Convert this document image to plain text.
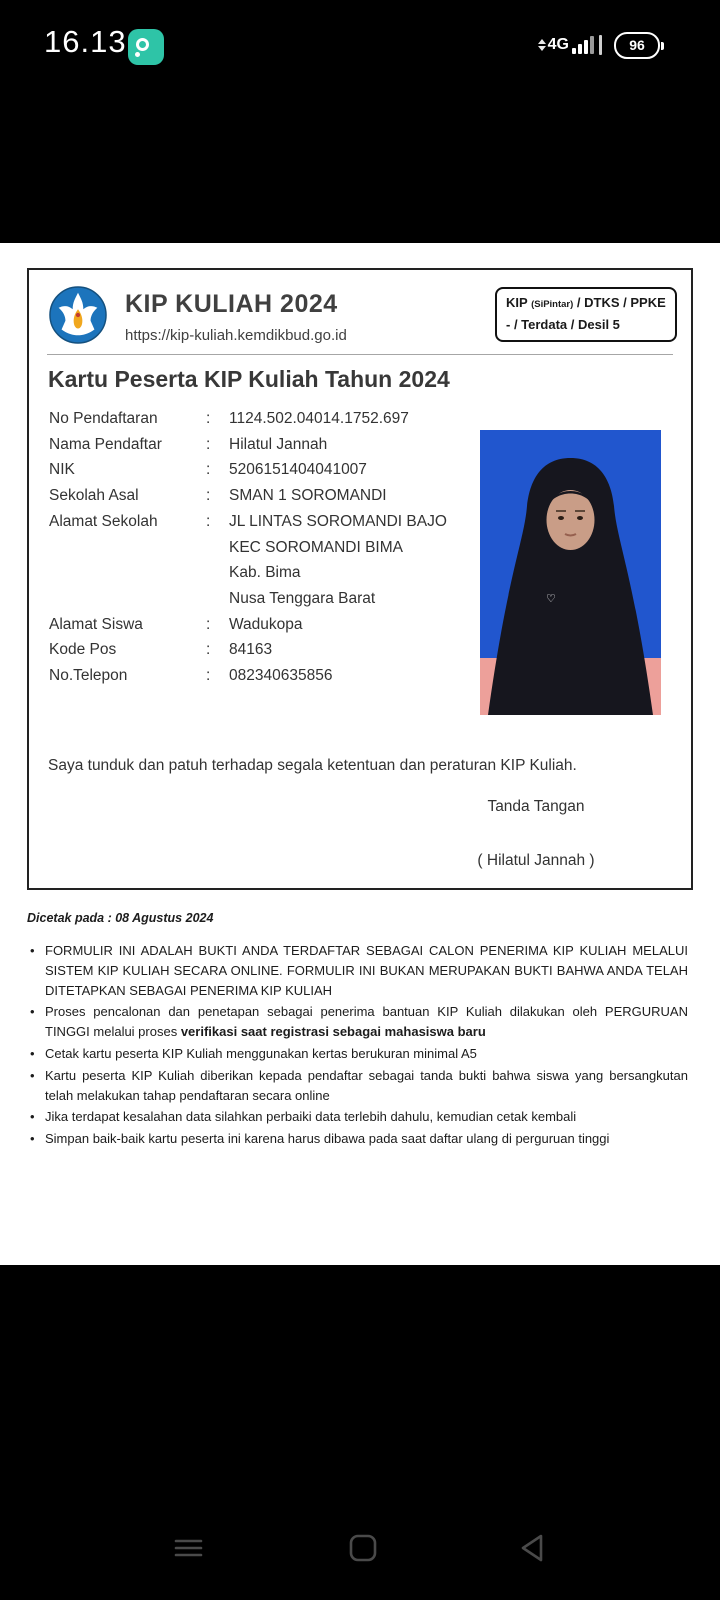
16.13	4G	96
KIP KULIAH 2024
https://kip-kuliah.kemdikbud.go.id
KIP (SiPintar) / DTKS / PPKE
- / Terdata / Desil 5
Kartu Peserta KIP Kuliah Tahun 2024
No Pendaftaran	:	1124.502.04014.1752.697
Nama Pendaftar	:	Hilatul Jannah
NIK	:	5206151404041007
Sekolah Asal	:	SMAN 1 SOROMANDI
Alamat Sekolah	:	JL LINTAS SOROMANDI BAJO
KEC SOROMANDI BIMA
Kab. Bima
Nusa Tenggara Barat
Alamat Siswa	:	Wadukopa
Kode Pos	:	84163
No.Telepon	:	082340635856
♡
Saya tunduk dan patuh terhadap segala ketentuan dan peraturan KIP Kuliah.
Tanda Tangan
( Hilatul Jannah )
Dicetak pada : 08 Agustus 2024
• FORMULIR INI ADALAH BUKTI ANDA TERDAFTAR SEBAGAI CALON PENERIMA KIP KULIAH MELALUI SISTEM KIP KULIAH SECARA ONLINE. FORMULIR INI BUKAN MERUPAKAN BUKTI BAHWA ANDA TELAH DITETAPKAN SEBAGAI PENERIMA KIP KULIAH
• Proses pencalonan dan penetapan sebagai penerima bantuan KIP Kuliah dilakukan oleh PERGURUAN TINGGI melalui proses verifikasi saat registrasi sebagai mahasiswa baru
• Cetak kartu peserta KIP Kuliah menggunakan kertas berukuran minimal A5
• Kartu peserta KIP Kuliah diberikan kepada pendaftar sebagai tanda bukti bahwa siswa yang bersangkutan telah melakukan tahap pendaftaran secara online
• Jika terdapat kesalahan data silahkan perbaiki data terlebih dahulu, kemudian cetak kembali
• Simpan baik-baik kartu peserta ini karena harus dibawa pada saat daftar ulang di perguruan tinggi
